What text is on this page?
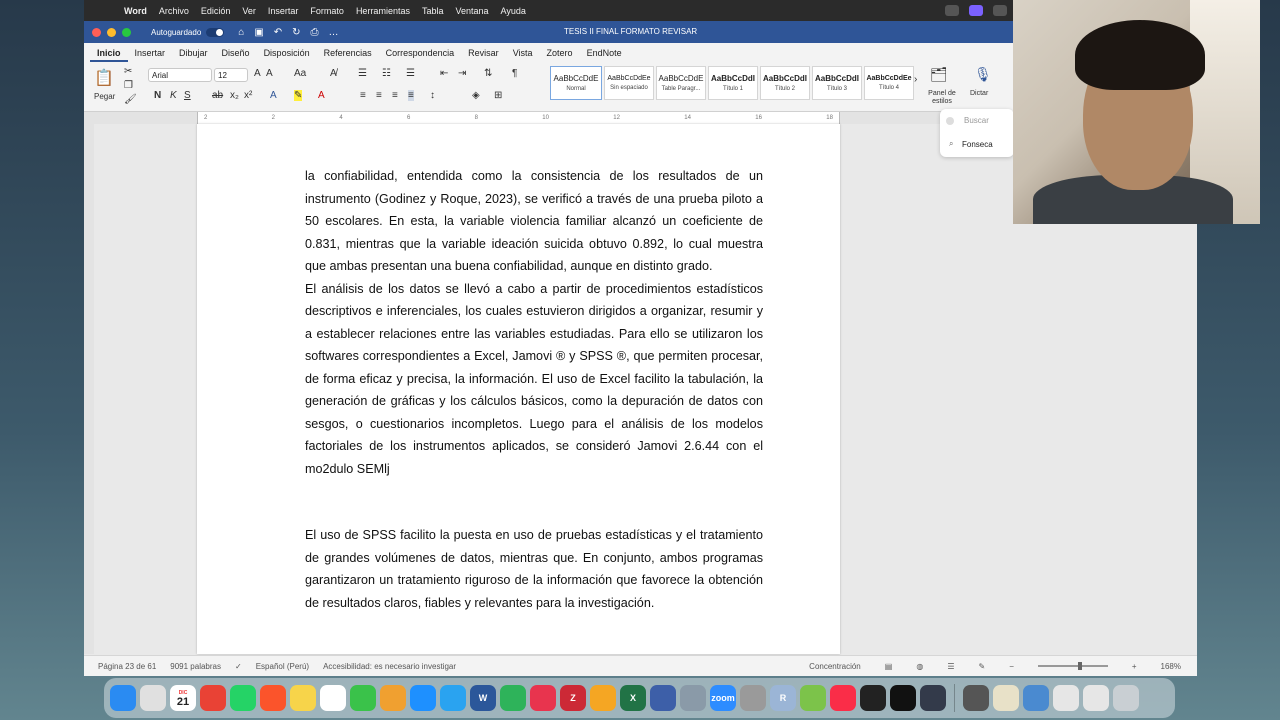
Word Archivo Edición Ver Insertar Formato Herramientas Tabla Ventana Ayuda
Autoguardado	⌂ ▣ ↶ ↻ ⎙ …	TESIS II FINAL FORMATO REVISAR
Inicio	Insertar	Dibujar	Diseño	Disposición	Referencias	Correspondencia	Revisar	Vista	Zotero	EndNote
📋
Pegar
✂
❐
🖌
Arial	12	A A Aa A̸
N K S ab x₂ x² A ✎ A
☰ ☷ ☰	⇤ ⇥ ⇅ ¶
≡ ≡ ≡ ≡ ↕	◈ ⊞
AaBbCcDdE
Normal
AaBbCcDdEe
Sin espaciado
AaBbCcDdE
Table Paragr...
AaBbCcDdI
Título 1
AaBbCcDdI
Título 2
AaBbCcDdI
Título 3
AaBbCcDdEe
Título 4
› 🗂
Panel de estilos
🎙
Dictar
2	2	4	6	8	10	12	14	16	18
la confiabilidad, entendida como la consistencia de los resultados de un instrumento (Godinez y Roque, 2023), se verificó a través de una prueba piloto a 50 escolares. En esta, la variable violencia familiar alcanzó un coeficiente de 0.831, mientras que la variable ideación suicida obtuvo 0.892, lo cual muestra que ambas presentan una buena confiabilidad, aunque en distinto grado.
El análisis de los datos se llevó a cabo a partir de procedimientos estadísticos descriptivos e inferenciales, los cuales estuvieron dirigidos a organizar, resumir y a establecer relaciones entre las variables estudiadas. Para ello se utilizaron los softwares correspondientes a Excel, Jamovi ® y SPSS ®, que permiten procesar, de forma eficaz y precisa, la información. El uso de Excel facilito la tabulación, la generación de gráficas y los cálculos básicos, como la depuración de datos con sesgos, o cuestionarios incompletos. Luego para el análisis de los modelos factoriales de los instrumentos aplicados, se consideró Jamovi 2.6.44 con el mo2dulo SEMlj
El uso de SPSS facilito la puesta en uso de pruebas estadísticas y el tratamiento de grandes volúmenes de datos, mientras que. En conjunto, ambos programas garantizaron un tratamiento riguroso de la información que favorece la obtención de resultados claros, fiables y relevantes para la investigación.
Buscar
⌕ Fonseca
Página 23 de 61 9091 palabras ✓ Español (Perú) Accesibilidad: es necesario investigar	Concentración	▤	◍	☰	✎	−	+	168%
DIC
21	W	Z	X	zoom	R
